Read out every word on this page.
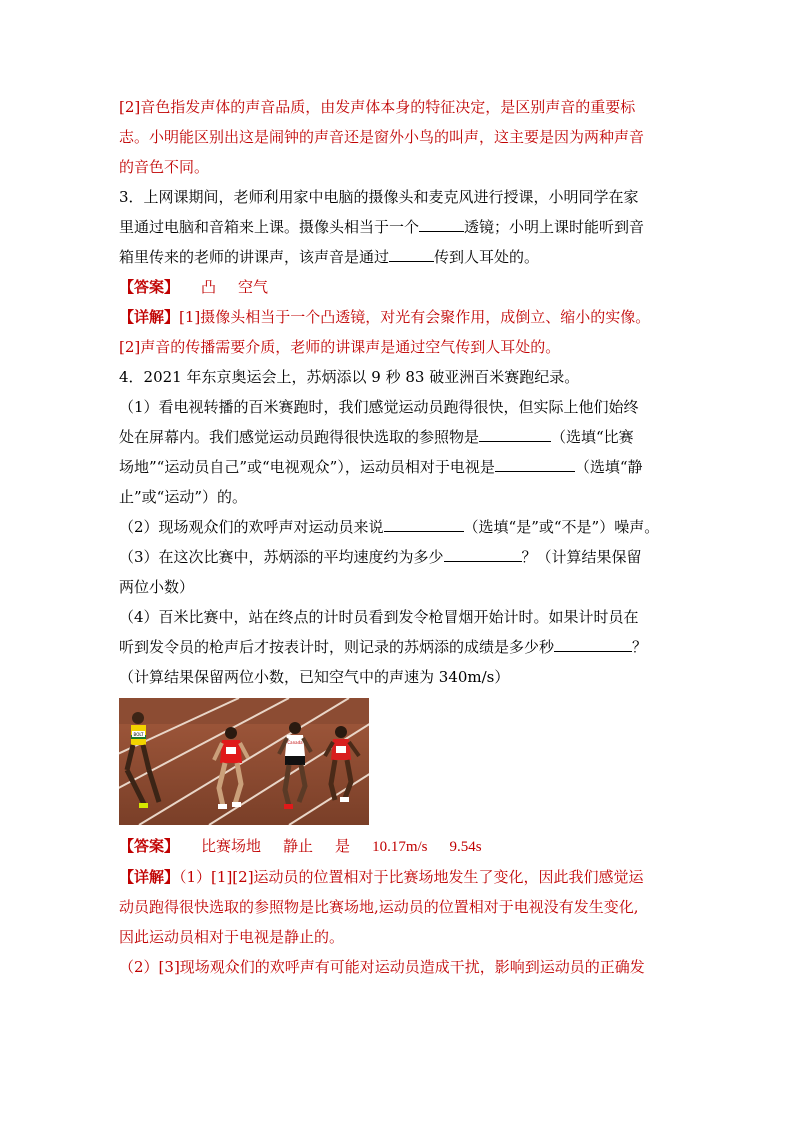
[2]音色指发声体的声音品质，由发声体本身的特征决定，是区别声音的重要标

志。小明能区别出这是闹钟的声音还是窗外小鸟的叫声，这主要是因为两种声音

的音色不同。

3．上网课期间，老师利用家中电脑的摄像头和麦克风进行授课，小明同学在家

里通过电脑和音箱来上课。摄像头相当于一个	透镜；小明上课时能听到音

箱里传来的老师的讲课声，该声音是通过	传到人耳处的。

【答案】 凸 空气

【详解】[1]摄像头相当于一个凸透镜，对光有会聚作用，成倒立、缩小的实像。

[2]声音的传播需要介质，老师的讲课声是通过空气传到人耳处的。

4．2021 年东京奥运会上，苏炳添以 9 秒 83 破亚洲百米赛跑纪录。

（1）看电视转播的百米赛跑时，我们感觉运动员跑得很快，但实际上他们始终

处在屏幕内。我们感觉运动员跑得很快选取的参照物是	（选填“比赛

场地”“运动员自己”或“电视观众”），运动员相对于电视是	（选填“静

止”或“运动”）的。

（2）现场观众们的欢呼声对运动员来说	（选填“是”或“不是”）噪声。

（3）在这次比赛中，苏炳添的平均速度约为多少	？（计算结果保留

两位小数）

（4）百米比赛中，站在终点的计时员看到发令枪冒烟开始计时。如果计时员在

听到发令员的枪声后才按表计时，则记录的苏炳添的成绩是多少秒	？

（计算结果保留两位小数，已知空气中的声速为 340m/s）

BOLT
Canada

【答案】 比赛场地 静止 是 10.17m/s 9.54s

【详解】（1）[1][2]运动员的位置相对于比赛场地发生了变化，因此我们感觉运

动员跑得很快选取的参照物是比赛场地,运动员的位置相对于电视没有发生变化,

因此运动员相对于电视是静止的。

（2）[3]现场观众们的欢呼声有可能对运动员造成干扰，影响到运动员的正确发
